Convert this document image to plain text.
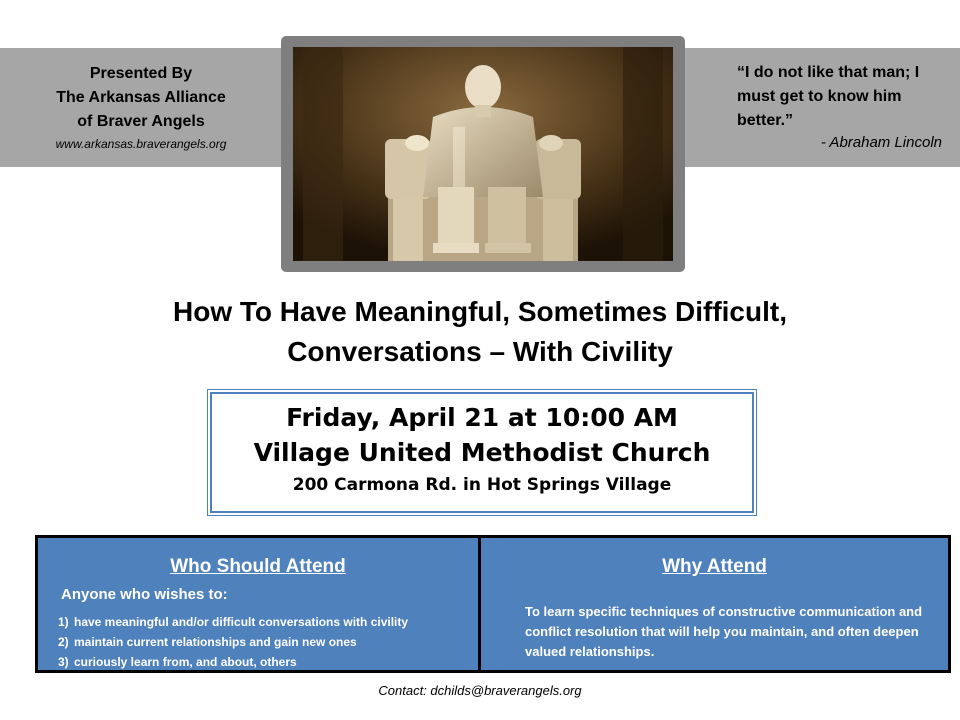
Presented By
The Arkansas Alliance
of Braver Angels
www.arkansas.braverangels.org
“I do not like that man; I must get to know him better.”
- Abraham Lincoln
How To Have Meaningful, Sometimes Difficult,
Conversations – With Civility
Friday, April 21 at 10:00 AM
Village United Methodist Church
200 Carmona Rd. in Hot Springs Village
Who Should Attend
Anyone who wishes to:
1) have meaningful and/or difficult conversations with civility
2) maintain current relationships and gain new ones
3) curiously learn from, and about, others
Why Attend
To learn specific techniques of constructive communication and conflict resolution that will help you maintain, and often deepen valued relationships.
Contact: dchilds@braverangels.org
